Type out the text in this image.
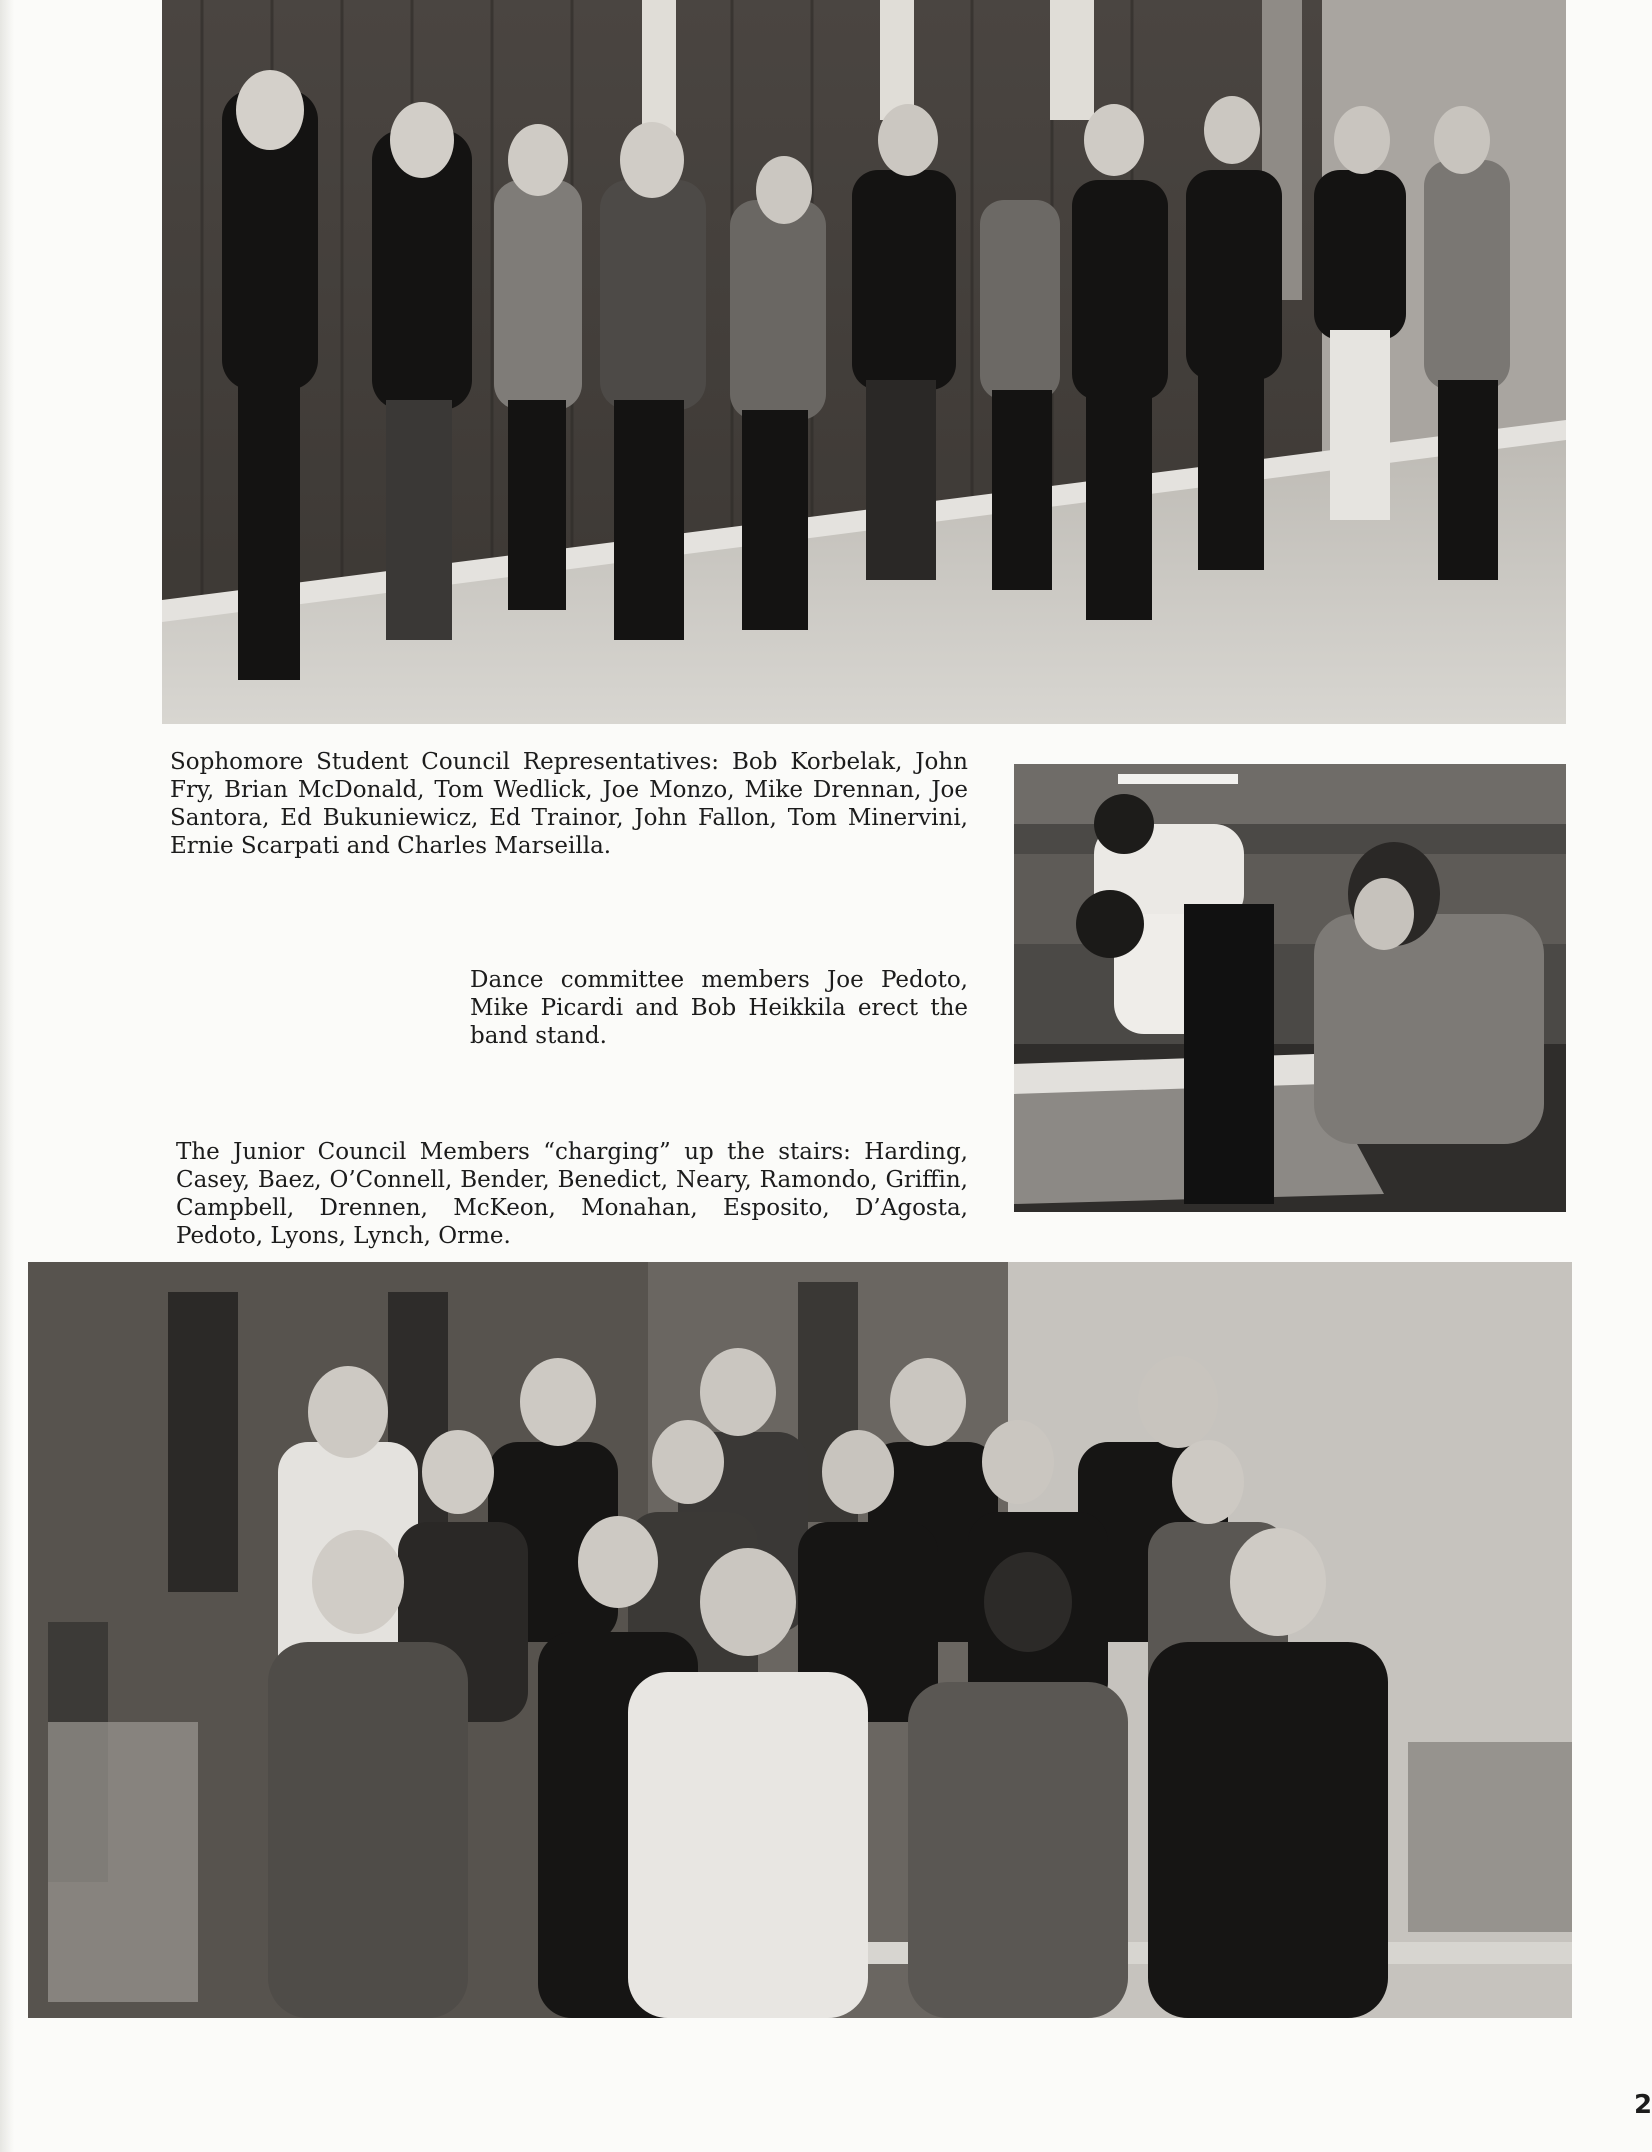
Sophomore Student Council Representatives: Bob Korbelak, John Fry, Brian McDonald, Tom Wedlick, Joe Monzo, Mike Drennan, Joe Santora, Ed Bukuniewicz, Ed Trainor, John Fallon, Tom Minervini, Ernie Scarpati and Charles Marseilla.

Dance committee members Joe Pedoto, Mike Picardi and Bob Heikkila erect the band stand.

The Junior Council Members “charging” up the stairs: Harding, Casey, Baez, O’Connell, Bender, Benedict, Neary, Ramondo, Griffin, Campbell, Drennen, McKeon, Monahan, Esposito, D’Agosta, Pedoto, Lyons, Lynch, Orme.

2
